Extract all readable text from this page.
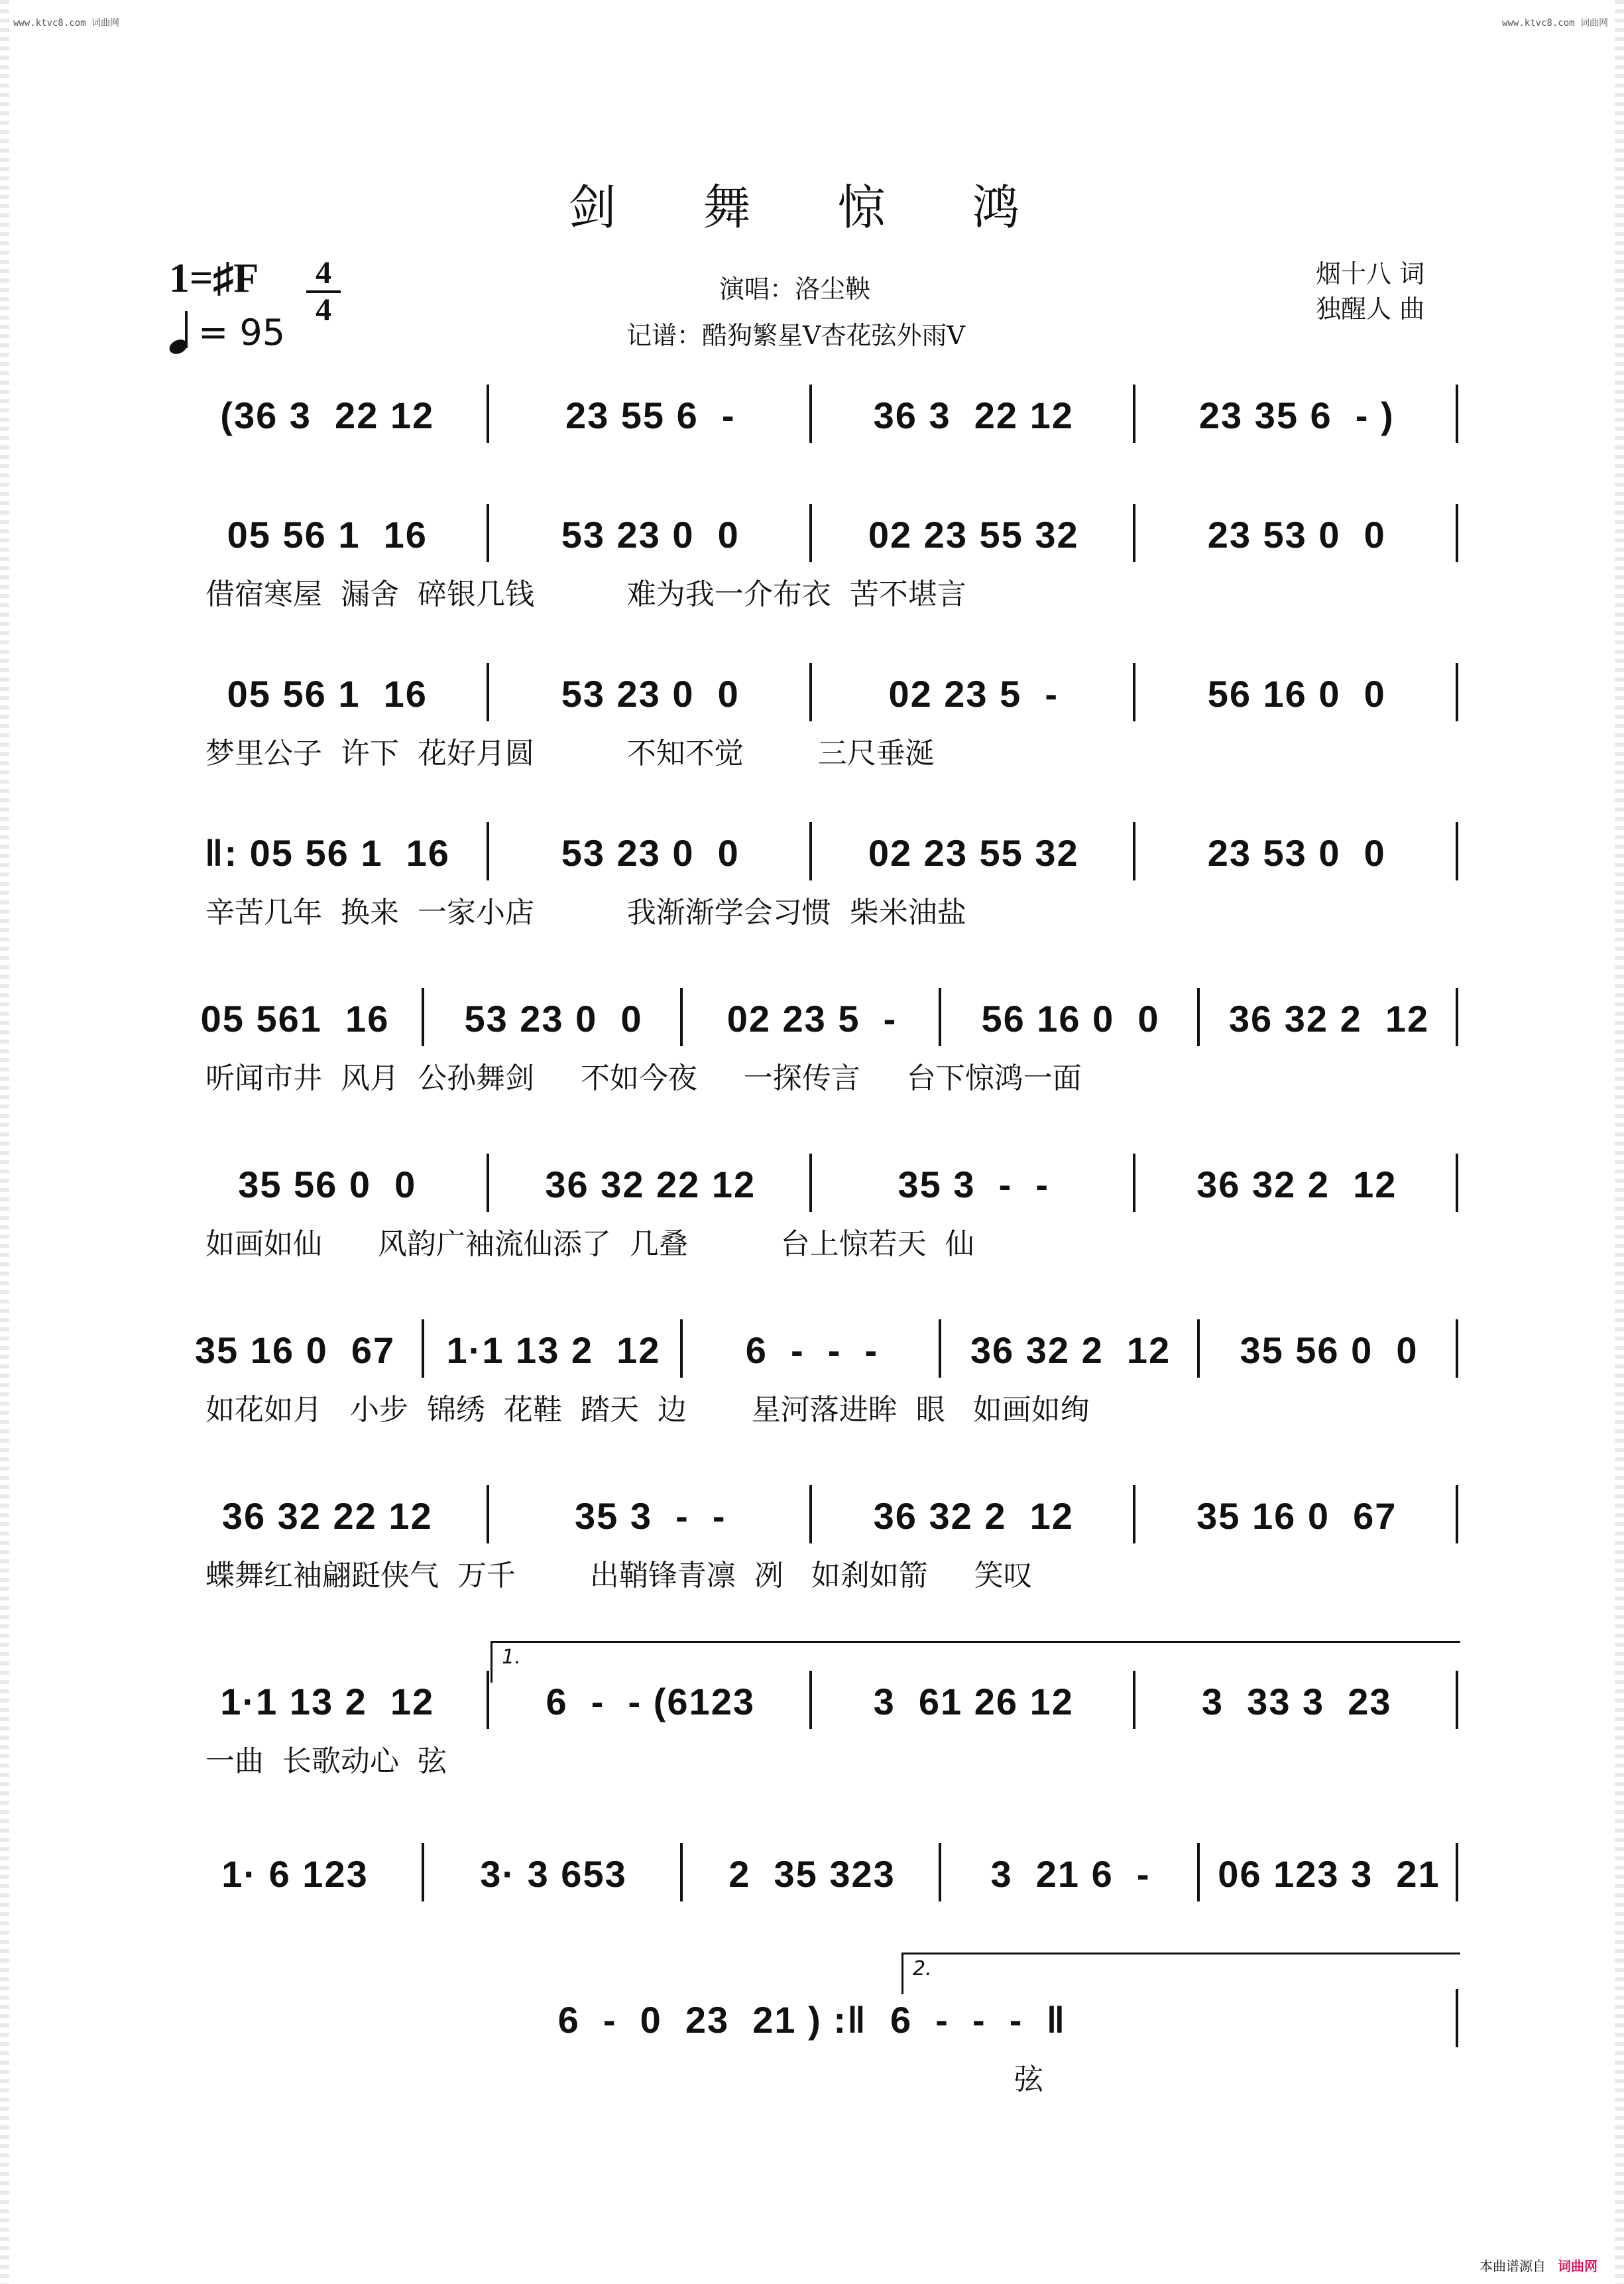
www.ktvc8.com 词曲网	www.ktvc8.com 词曲网
剑 舞 惊 鸿
1=♯F 4
4
= 95
演唱：洛尘鞅
记谱：酷狗繁星V杏花弦外雨V
烟十八 词
独醒人 曲
(36 3  22 12	23 55 6  -	36 3  22 12	23 35 6  - )
05 56 1  16	53 23 0  0	02 23 55 32	23 53 0  0
借宿寒屋  漏舍  碎银几钱          难为我一介布衣  苦不堪言
05 56 1  16	53 23 0  0	02 23 5  -	56 16 0  0
梦里公子  许下  花好月圆          不知不觉        三尺垂涎
‖: 05 56 1  16	53 23 0  0	02 23 55 32	23 53 0  0
辛苦几年  换来  一家小店          我渐渐学会习惯  柴米油盐
05 561  16	53 23 0  0	02 23 5  -	56 16 0  0	36 32 2  12
听闻市井  风月  公孙舞剑     不如今夜     一探传言     台下惊鸿一面
35 56 0  0	36 32 22 12	35 3  -  -	36 32 2  12
如画如仙      风韵广袖流仙添了  几叠          台上惊若天  仙
35 16 0  67	1·1 13 2  12	6  -  -  -	36 32 2  12	35 56 0  0
如花如月   小步  锦绣  花鞋  踏天  边       星河落进眸  眼   如画如绚
36 32 22 12	35 3  -  -	36 32 2  12	35 16 0  67
蝶舞红袖翩跹侠气  万千        出鞘锋青凛  冽   如刹如箭     笑叹
1·1 13 2  12	6  -  - (6123	3  61 26 12	3  33 3  23
一曲  长歌动心  弦
1· 6 123	3· 3 653	2  35 323	3  21 6  -	06 123 3  21
6  -  0  23  21 ) :‖  6  -  -  -  ‖
弦
1.
2.
本曲谱源自 词曲网
